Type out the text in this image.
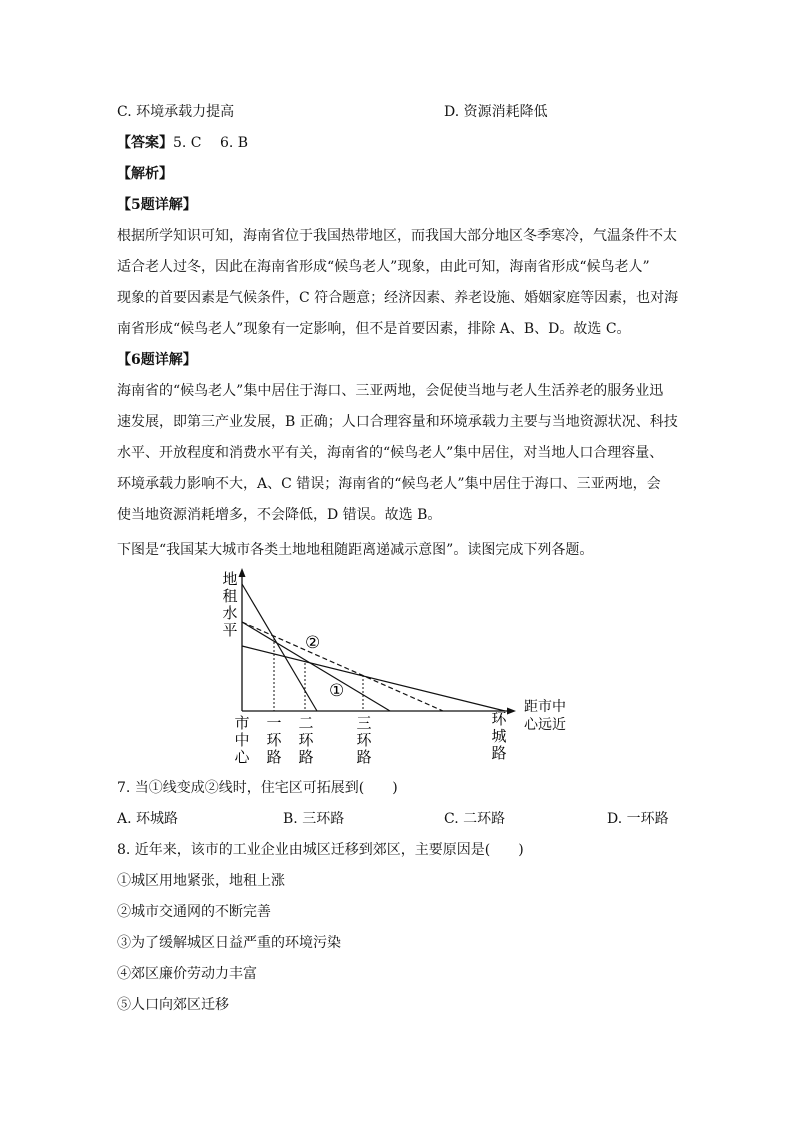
C. 环境承载力提高	D. 资源消耗降低
【答案】5. C　 6. B
【解析】
【5题详解】
根据所学知识可知，海南省位于我国热带地区，而我国大部分地区冬季寒冷，气温条件不太
适合老人过冬，因此在海南省形成“候鸟老人”现象，由此可知，海南省形成“候鸟老人”
现象的首要因素是气候条件，C 符合题意；经济因素、养老设施、婚姻家庭等因素，也对海
南省形成“候鸟老人”现象有一定影响，但不是首要因素，排除 A、B、D。故选 C。
【6题详解】
海南省的“候鸟老人”集中居住于海口、三亚两地，会促使当地与老人生活养老的服务业迅
速发展，即第三产业发展，B 正确；人口合理容量和环境承载力主要与当地资源状况、科技
水平、开放程度和消费水平有关，海南省的“候鸟老人”集中居住，对当地人口合理容量、
环境承载力影响不大，A、C 错误；海南省的“候鸟老人”集中居住于海口、三亚两地，会
使当地资源消耗增多，不会降低，D 错误。故选 B。
下图是“我国某大城市各类土地地租随距离递减示意图”。读图完成下列各题。
地
租
水
平
距市中
心远近
①
②
市
中
心
一
环
路
二
环
路
三
环
路
环
城
路
7. 当①线变成②线时，住宅区可拓展到(　　)
A. 环城路	B. 三环路	C. 二环路	D. 一环路
8. 近年来，该市的工业企业由城区迁移到郊区，主要原因是(　　)
①城区用地紧张，地租上涨
②城市交通网的不断完善
③为了缓解城区日益严重的环境污染
④郊区廉价劳动力丰富
⑤人口向郊区迁移
